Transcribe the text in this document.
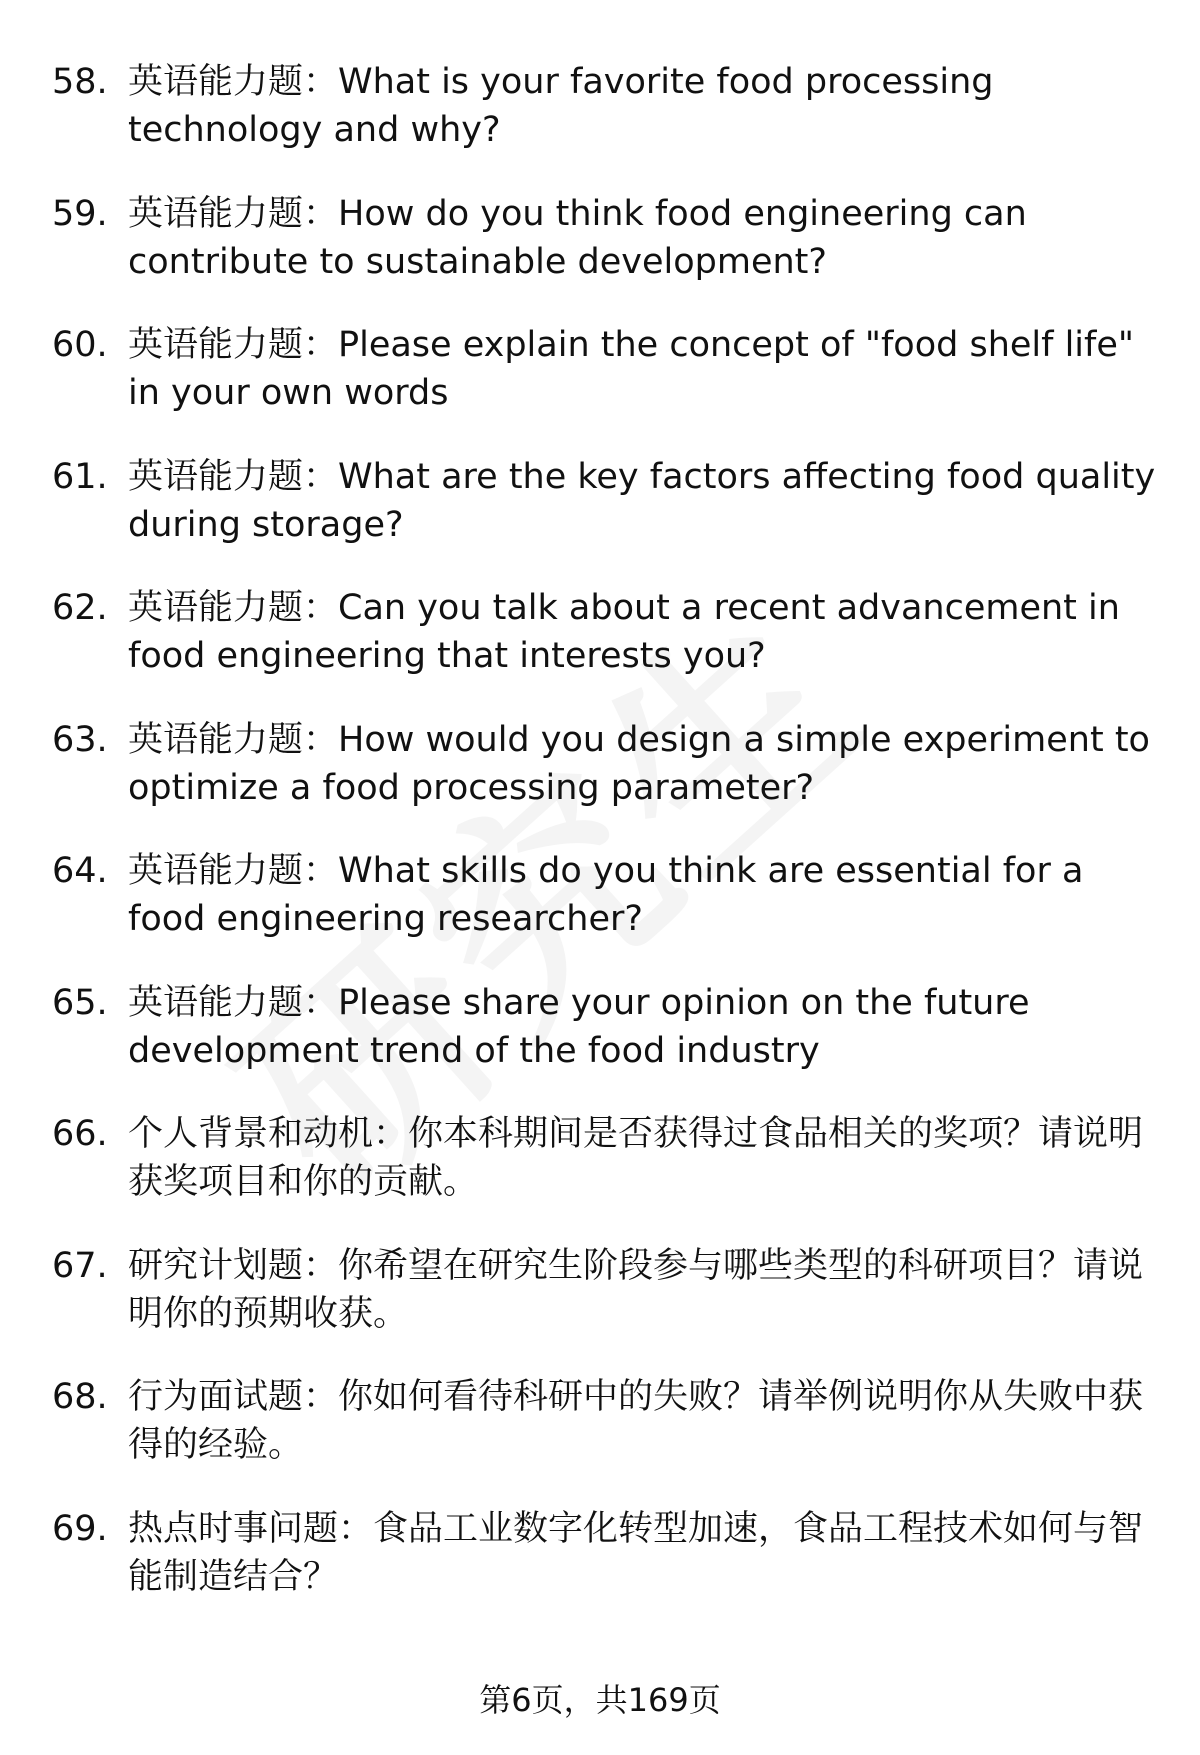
58. 英语能力题：What is your favorite food processing technology and why?
59. 英语能力题：How do you think food engineering can contribute to sustainable development?
60. 英语能力题：Please explain the concept of "food shelf life" in your own words
61. 英语能力题：What are the key factors affecting food quality during storage?
62. 英语能力题：Can you talk about a recent advancement in food engineering that interests you?
63. 英语能力题：How would you design a simple experiment to optimize a food processing parameter?
64. 英语能力题：What skills do you think are essential for a food engineering researcher?
65. 英语能力题：Please share your opinion on the future development trend of the food industry
66. 个人背景和动机：你本科期间是否获得过食品相关的奖项？请说明获奖项目和你的贡献。
67. 研究计划题：你希望在研究生阶段参与哪些类型的科研项目？请说明你的预期收获。
68. 行为面试题：你如何看待科研中的失败？请举例说明你从失败中获得的经验。
69. 热点时事问题：食品工业数字化转型加速，食品工程技术如何与智能制造结合？
第6页，共169页
